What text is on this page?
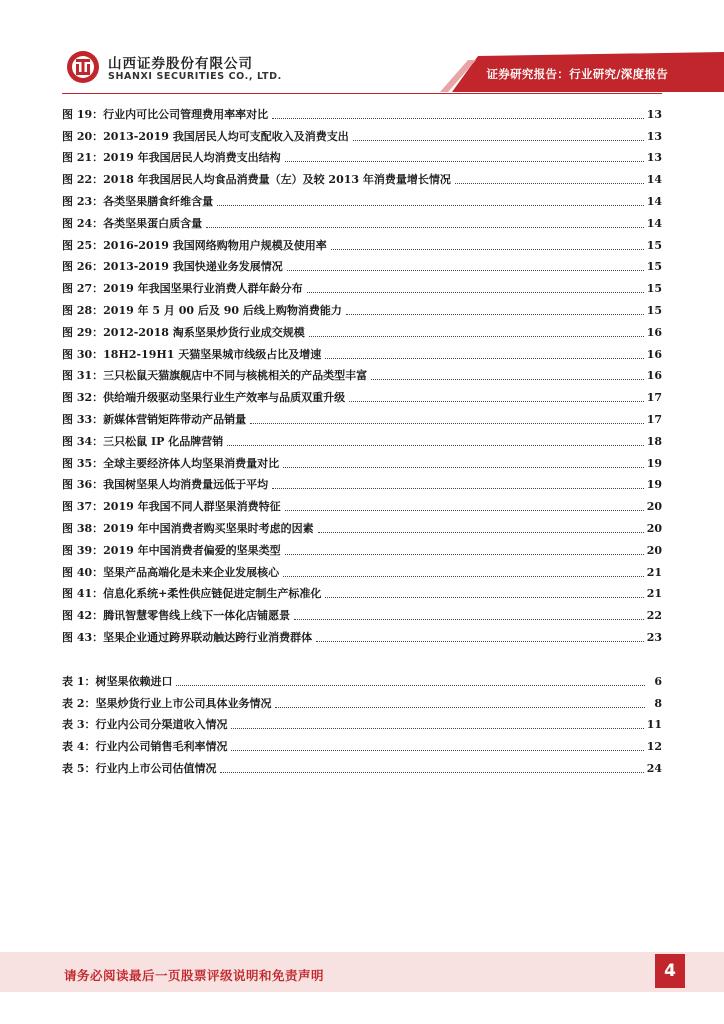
山西证券股份有限公司
SHANXI SECURITIES CO., LTD.	证券研究报告：行业研究/深度报告
图 19：行业内可比公司管理费用率率对比	13
图 20：2013-2019 我国居民人均可支配收入及消费支出	13
图 21：2019 年我国居民人均消费支出结构	13
图 22：2018 年我国居民人均食品消费量（左）及较 2013 年消费量增长情况	14
图 23：各类坚果膳食纤维含量	14
图 24：各类坚果蛋白质含量	14
图 25：2016-2019 我国网络购物用户规模及使用率	15
图 26：2013-2019 我国快递业务发展情况	15
图 27：2019 年我国坚果行业消费人群年龄分布	15
图 28：2019 年 5 月 00 后及 90 后线上购物消费能力	15
图 29：2012-2018 淘系坚果炒货行业成交规模	16
图 30：18H2-19H1 天猫坚果城市线级占比及增速	16
图 31：三只松鼠天猫旗舰店中不同与核桃相关的产品类型丰富	16
图 32：供给端升级驱动坚果行业生产效率与品质双重升级	17
图 33：新媒体营销矩阵带动产品销量	17
图 34：三只松鼠 IP 化品牌营销	18
图 35：全球主要经济体人均坚果消费量对比	19
图 36：我国树坚果人均消费量远低于平均	19
图 37：2019 年我国不同人群坚果消费特征	20
图 38：2019 年中国消费者购买坚果时考虑的因素	20
图 39：2019 年中国消费者偏爱的坚果类型	20
图 40：坚果产品高端化是未来企业发展核心	21
图 41：信息化系统+柔性供应链促进定制生产标准化	21
图 42：腾讯智慧零售线上线下一体化店铺愿景	22
图 43：坚果企业通过跨界联动触达跨行业消费群体	23
表 1：树坚果依赖进口	6
表 2：坚果炒货行业上市公司具体业务情况	8
表 3：行业内公司分渠道收入情况	11
表 4：行业内公司销售毛利率情况	12
表 5：行业内上市公司估值情况	24
请务必阅读最后一页股票评级说明和免责声明	4
